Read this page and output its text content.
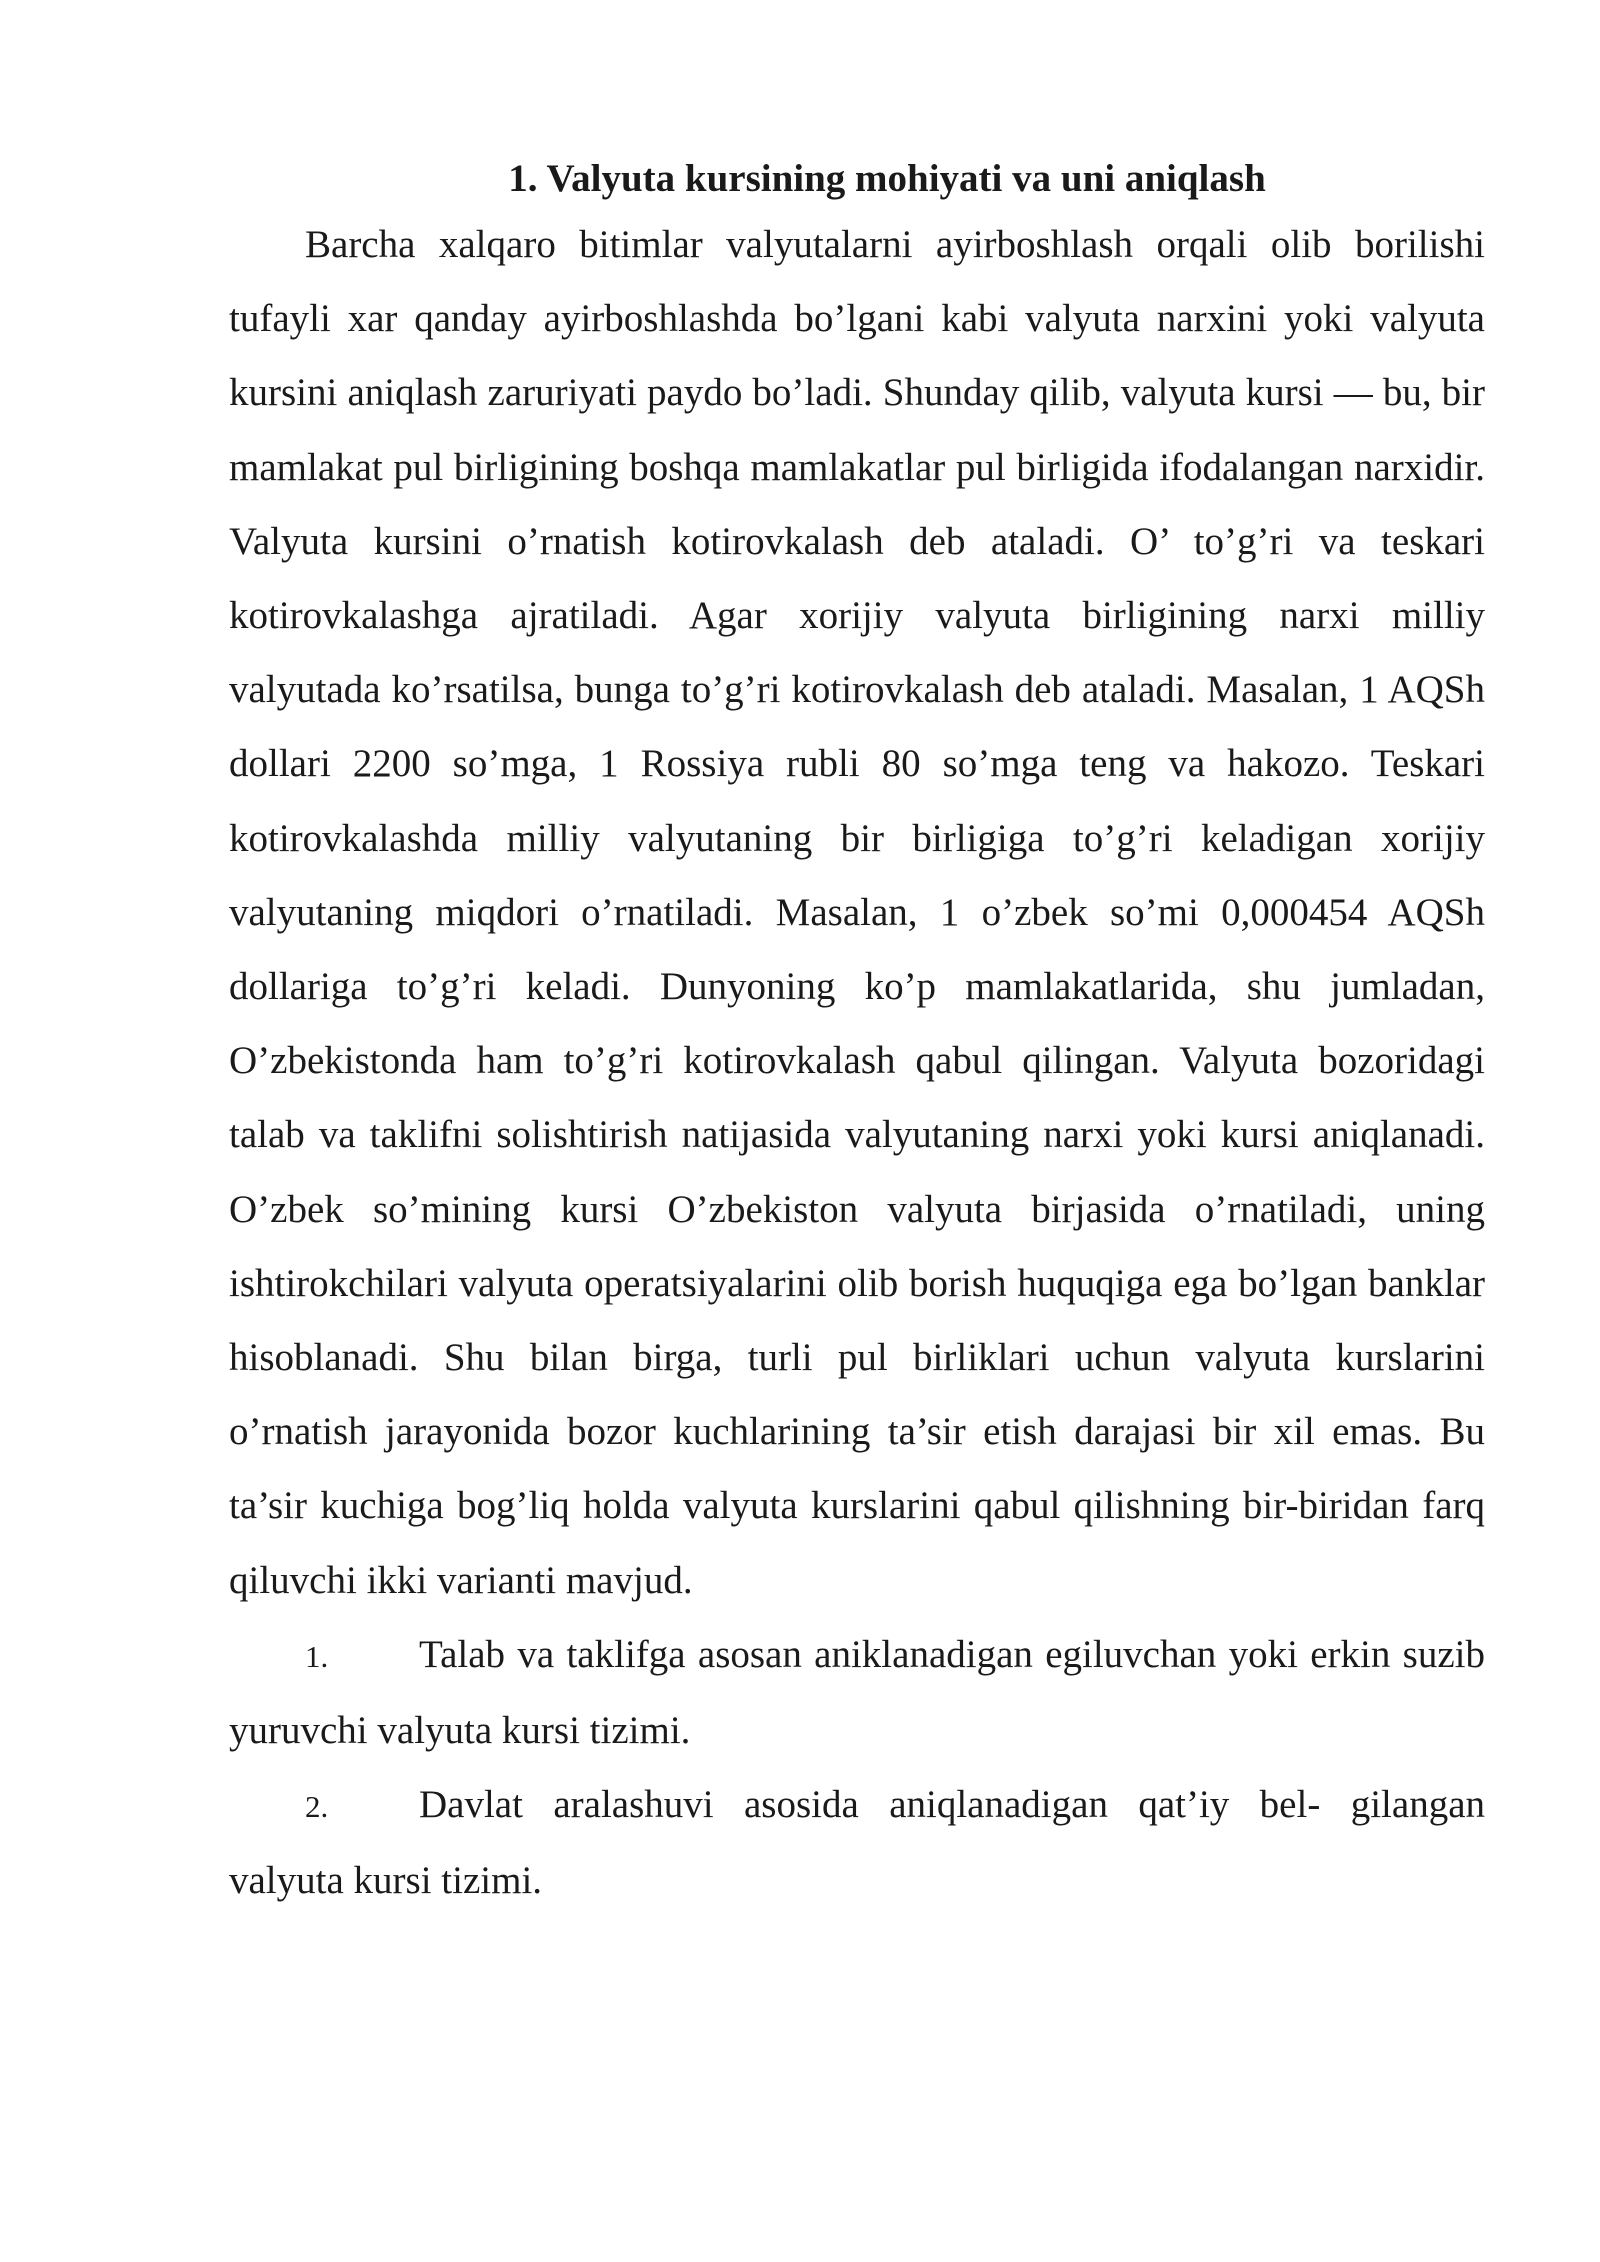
1. Valyuta kursining mohiyati va uni aniqlash

Barcha xalqaro bitimlar valyutalarni ayirboshlash orqali olib borilishi tufayli xar qanday ayirboshlashda bo’lgani kabi valyuta narxini yoki valyuta kursini aniqlash zaruriyati paydo bo’ladi. Shunday qilib, valyuta kursi — bu, bir mamlakat pul birligining boshqa mamlakatlar pul birligida ifodalangan narxidir. Valyuta kursini o’rnatish kotirovkalash deb ataladi. O’ to’g’ri va teskari kotirovkalashga ajratiladi. Agar xorijiy valyuta birligining narxi milliy valyutada ko’rsatilsa, bunga to’g’ri kotirovkalash deb ataladi. Masalan, 1 AQSh dollari 2200 so’mga, 1 Rossiya rubli 80 so’mga teng va hakozo. Teskari kotirovkalashda milliy valyutaning bir birligiga to’g’ri keladigan xorijiy valyutaning miqdori o’rnatiladi. Masalan, 1 o’zbek so’mi 0,000454 AQSh dollariga to’g’ri keladi. Dunyoning ko’p mamlakatlarida, shu jumladan, O’zbekistonda ham to’g’ri kotirovkalash qabul qilingan. Valyuta bozoridagi talab va taklifni solishtirish natijasida valyutaning narxi yoki kursi aniqlanadi. O’zbek so’mining kursi O’zbekiston valyuta birjasida o’rnatiladi, uning ishtirokchilari valyuta operatsiyalarini olib borish huquqiga ega bo’lgan banklar hisoblanadi. Shu bilan birga, turli pul birliklari uchun valyuta kurslarini o’rnatish jarayonida bozor kuchlarining ta’sir etish darajasi bir xil emas. Bu ta’sir kuchiga bog’liq holda valyuta kurslarini qabul qilishning bir-biridan farq qiluvchi ikki varianti mavjud.

1. Talab va taklifga asosan aniklanadigan egiluvchan yoki erkin suzib yuruvchi valyuta kursi tizimi.

2. Davlat aralashuvi asosida aniqlanadigan qat’iy bel- gilangan valyuta kursi tizimi.
